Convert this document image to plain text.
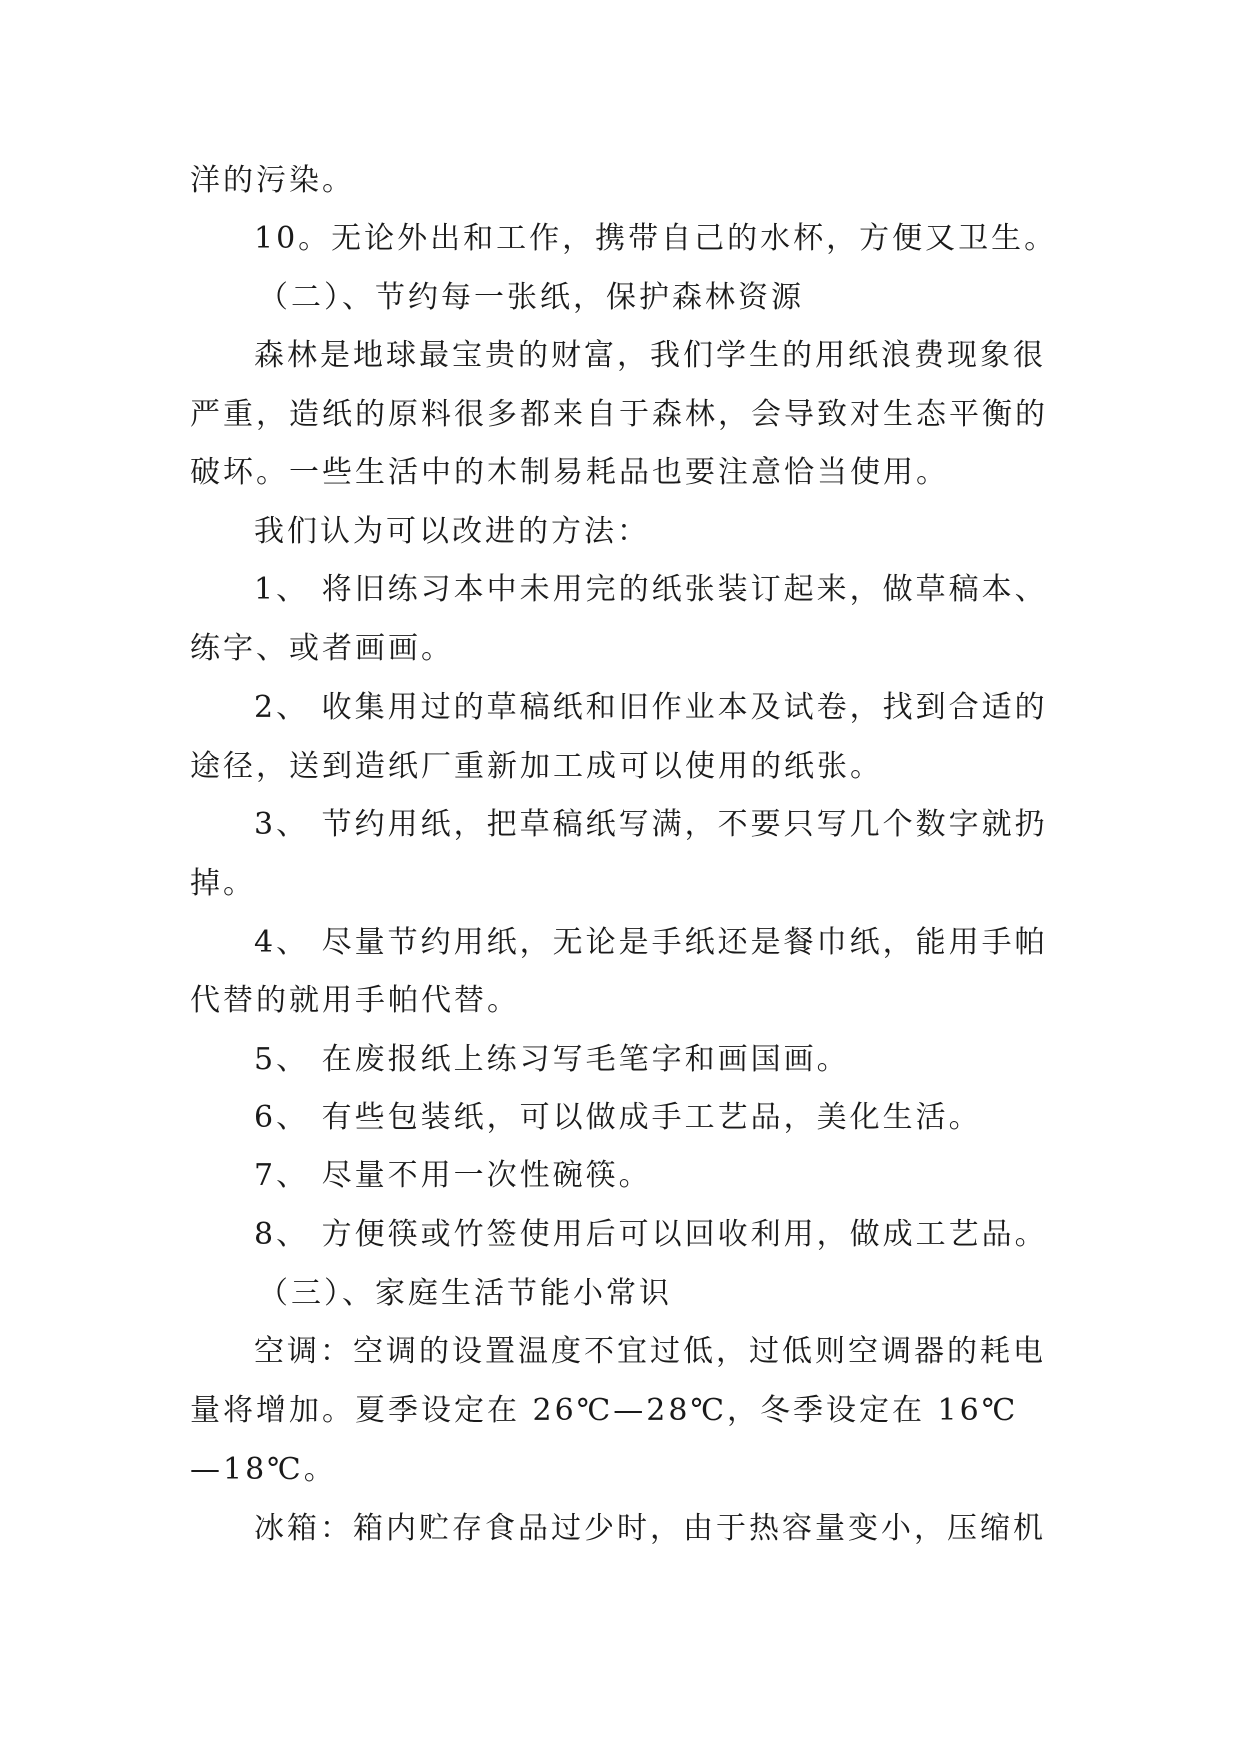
洋的污染。
10。无论外出和工作，携带自己的水杯，方便又卫生。
（二）、节约每一张纸，保护森林资源
森林是地球最宝贵的财富，我们学生的用纸浪费现象很
严重，造纸的原料很多都来自于森林，会导致对生态平衡的
破坏。一些生活中的木制易耗品也要注意恰当使用。
我们认为可以改进的方法：
1、 将旧练习本中未用完的纸张装订起来，做草稿本、
练字、或者画画。
2、 收集用过的草稿纸和旧作业本及试卷，找到合适的
途径，送到造纸厂重新加工成可以使用的纸张。
3、 节约用纸，把草稿纸写满，不要只写几个数字就扔
掉。
4、 尽量节约用纸，无论是手纸还是餐巾纸，能用手帕
代替的就用手帕代替。
5、 在废报纸上练习写毛笔字和画国画。
6、 有些包装纸，可以做成手工艺品，美化生活。
7、 尽量不用一次性碗筷。
8、 方便筷或竹签使用后可以回收利用，做成工艺品。
（三）、家庭生活节能小常识
空调：空调的设置温度不宜过低，过低则空调器的耗电
量将增加。夏季设定在 26℃—28℃，冬季设定在 16℃
—18℃。
冰箱：箱内贮存食品过少时，由于热容量变小，压缩机
